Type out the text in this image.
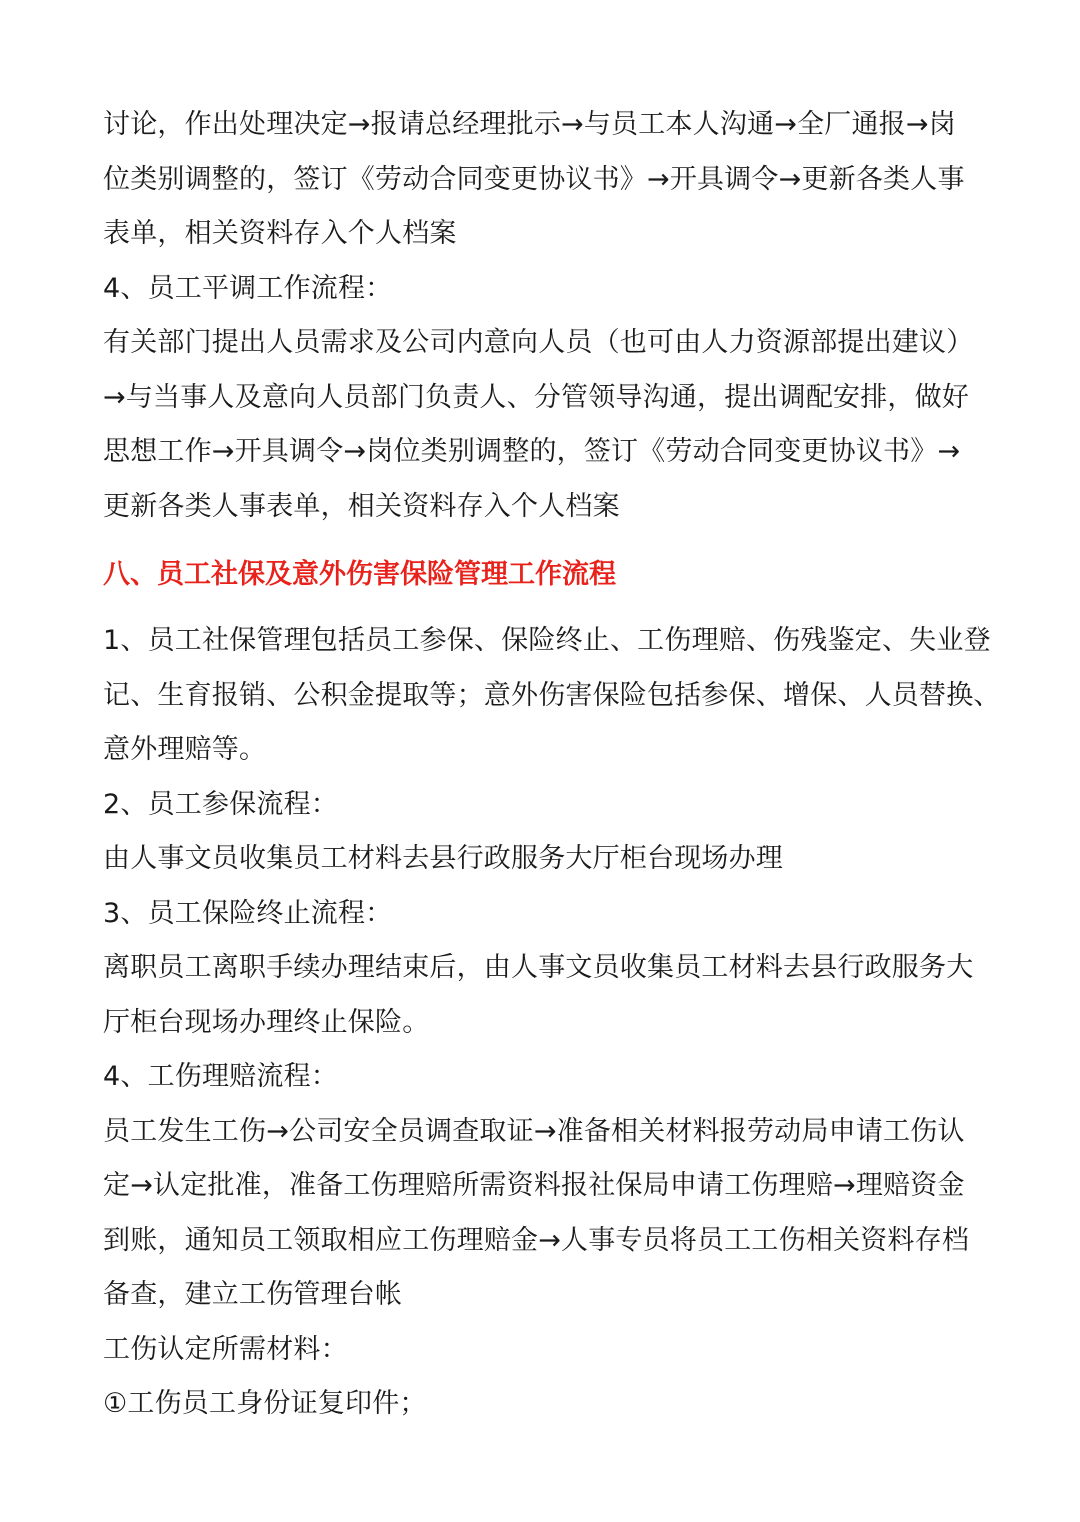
讨论，作出处理决定→报请总经理批示→与员工本人沟通→全厂通报→岗

位类别调整的，签订《劳动合同变更协议书》→开具调令→更新各类人事

表单，相关资料存入个人档案

4、员工平调工作流程：

有关部门提出人员需求及公司内意向人员（也可由人力资源部提出建议）

→与当事人及意向人员部门负责人、分管领导沟通，提出调配安排，做好

思想工作→开具调令→岗位类别调整的，签订《劳动合同变更协议书》→

更新各类人事表单，相关资料存入个人档案

八、员工社保及意外伤害保险管理工作流程

1、员工社保管理包括员工参保、保险终止、工伤理赔、伤残鉴定、失业登

记、生育报销、公积金提取等；意外伤害保险包括参保、增保、人员替换、

意外理赔等。

2、员工参保流程：

由人事文员收集员工材料去县行政服务大厅柜台现场办理

3、员工保险终止流程：

离职员工离职手续办理结束后，由人事文员收集员工材料去县行政服务大

厅柜台现场办理终止保险。

4、工伤理赔流程：

员工发生工伤→公司安全员调查取证→准备相关材料报劳动局申请工伤认

定→认定批准，准备工伤理赔所需资料报社保局申请工伤理赔→理赔资金

到账，通知员工领取相应工伤理赔金→人事专员将员工工伤相关资料存档

备查，建立工伤管理台帐

工伤认定所需材料：

①工伤员工身份证复印件；
